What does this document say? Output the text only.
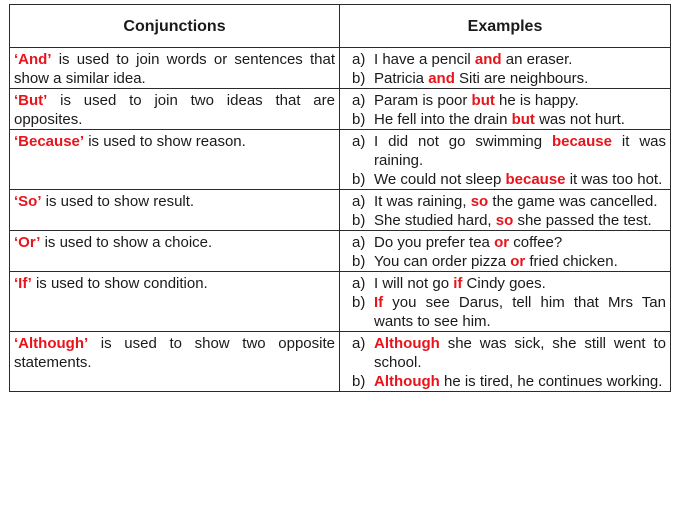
Conjunctions	Examples
‘And’ is used to join words or sentences that show a similar idea.	a) I have a pencil and an eraser.
b) Patricia and Siti are neighbours.

‘But’ is used to join two ideas that are opposites.	a) Param is poor but he is happy.
b) He fell into the drain but was not hurt.

‘Because’ is used to show reason.	a) I did not go swimming because it was raining.
b) We could not sleep because it was too hot.

‘So’ is used to show result.	a) It was raining, so the game was cancelled.
b) She studied hard, so she passed the test.

‘Or’ is used to show a choice.	a) Do you prefer tea or coffee?
b) You can order pizza or fried chicken.

‘If’ is used to show condition.	a) I will not go if Cindy goes.
b) If you see Darus, tell him that Mrs Tan wants to see him.

‘Although’ is used to show two opposite statements.	a) Although she was sick, she still went to school.
b) Although he is tired, he continues working.
